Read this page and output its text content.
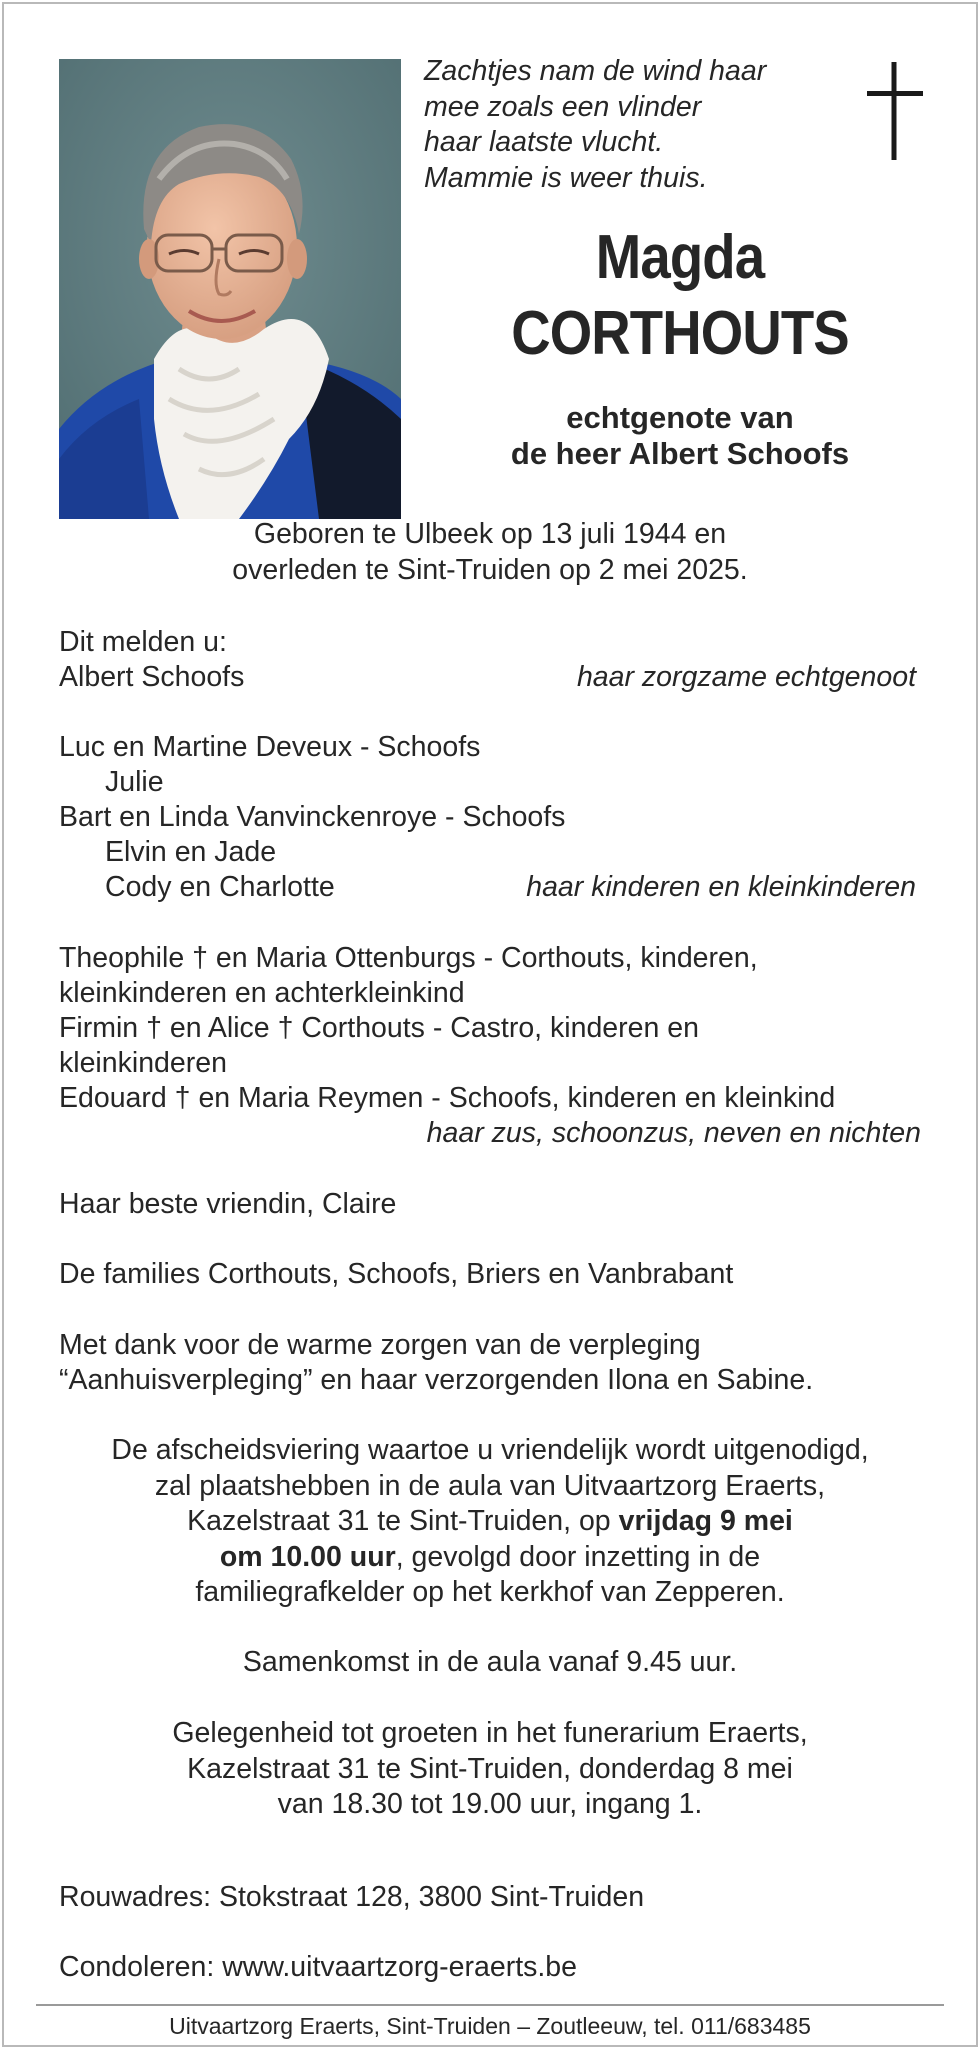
Zachtjes nam de wind haar
mee zoals een vlinder
haar laatste vlucht.
Mammie is weer thuis.
Magda
CORTHOUTS
echtgenote van
de heer Albert Schoofs
Geboren te Ulbeek op 13 juli 1944 en
overleden te Sint-Truiden op 2 mei 2025.
Dit melden u:
Albert Schoofs	haar zorgzame echtgenoot
Luc en Martine Deveux - Schoofs
Julie
Bart en Linda Vanvinckenroye - Schoofs
Elvin en Jade
Cody en Charlotte	haar kinderen en kleinkinderen
Theophile † en Maria Ottenburgs - Corthouts, kinderen,
kleinkinderen en achterkleinkind
Firmin † en Alice † Corthouts - Castro, kinderen en
kleinkinderen
Edouard † en Maria Reymen - Schoofs, kinderen en kleinkind
haar zus, schoonzus, neven en nichten
Haar beste vriendin, Claire
De families Corthouts, Schoofs, Briers en Vanbrabant
Met dank voor de warme zorgen van de verpleging
“Aanhuisverpleging” en haar verzorgenden Ilona en Sabine.
De afscheidsviering waartoe u vriendelijk wordt uitgenodigd,
zal plaatshebben in de aula van Uitvaartzorg Eraerts,
Kazelstraat 31 te Sint-Truiden, op vrijdag 9 mei
om 10.00 uur, gevolgd door inzetting in de
familiegrafkelder op het kerkhof van Zepperen.
Samenkomst in de aula vanaf 9.45 uur.
Gelegenheid tot groeten in het funerarium Eraerts,
Kazelstraat 31 te Sint-Truiden, donderdag 8 mei
van 18.30 tot 19.00 uur, ingang 1.
Rouwadres: Stokstraat 128, 3800 Sint-Truiden
Condoleren: www.uitvaartzorg-eraerts.be
Uitvaartzorg Eraerts, Sint-Truiden – Zoutleeuw, tel. 011/683485
